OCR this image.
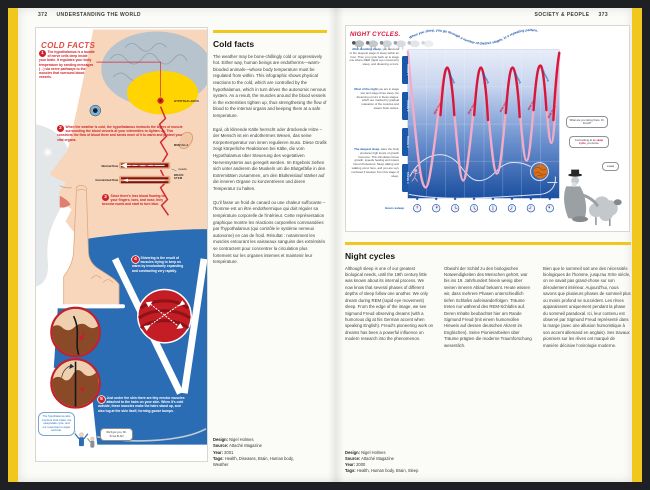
372 UNDERSTANDING THE WORLD	SOCIETY & PEOPLE 373
COLD FACTS
1	The hypothalamus is a bundle of nerve cells deep inside your brain. It regulates your body temperature by sending messages (→) via nerve pathways to the muscles that surround blood vessels.
HYPOTHALAMUS
2	When the weather is cold, the hypothalamus instructs the layers of muscle surrounding the blood vessels at your extremities to tighten up. This constricts the flow of blood there and sends more of it to warm and protect your vital organs.
MEDULLA
BRAIN STEM
Normal flow
Constricted flow
muscle
3	Since there's less blood flowing to your fingers, toes, and nose, they become numb and start to turn blue.
4	Shivering is the result of muscles trying to keep us warm by involuntarily expanding and contracting very rapidly.
5	Just under the skin there are tiny erector muscles attached to the hairs on your skin. When it's cold outside, these muscles make the hairs stand up, and also tug at the skin itself, forming goose bumps.
The hypothalamus also monitors food intake, the sleep/wake cycle, and our responses to anger and fear.
We'll get you, Mr. Snow B-All!
Cold facts

The weather may be bone-chillingly cold or oppressively hot. Either way, human beings are endotherms—warm-blooded animals—whose body temperature must be regulated from within. This infographic shows physical reactions to the cold, which are controlled by the hypothalamus, which in turn drives the autonomic nervous system. As a result, the muscles around the blood vessels in the extremities tighten up, thus strengthening the flow of blood to the internal organs and keeping them at a safe temperature.

Egal, ob klirrende Kälte herrscht oder drückende Hitze – der Mensch ist ein endothermes Wesen, das seine Körpertemperatur von innen regulieren muss. Diese Grafik zeigt körperliche Reaktionen bei Kälte, die vom Hypothalamus über Steuerung des vegetativen Nervensystems aus geregelt werden. Im Ergebnis ziehen sich unter anderem die Muskeln um die Blutgefäße in den Extremitäten zusammen, um den Blutkreislauf stärker auf die inneren Organe zu konzentrieren und deren Temperatur zu halten.

Qu'il fasse un froid de canard ou une chaleur suffocante – l'homme est un être endothermique qui doit réguler sa température corporelle de l'intérieur. Cette représentation graphique montre les réactions corporelles commandées par l'hypothalamus (qui contrôle le système nerveux autonome) en cas de froid. Résultat : notamment les muscles entourant les vaisseaux sanguins des extrémités se contractent pour concentrer la circulation plus fortement sur les organes internes et maintenir leur température.

Design: Nigel Holmes
Source: Attaché Magazine
Year: 2001
Tags: Health, Diseases, Brain, Human body, Weather
When you sleep, you go through a number of distinct stages, in a repeating pattern.
NIGHT CYCLES.
After counting sheep, you descend to the deepest stage of sleep within an hour. Then you cycle back up to stage one where REM (rapid eye movement) sleep, and dreaming occurs.
Most of the night you are in stage two and stage three sleep. No dreaming occurs in these stages, which are marked by gradual relaxation of the muscles and slower brain waves.
The deepest sleep. Here the body produces high levels of growth hormone. This stimulates tissue growth, speeds healing and lowers blood cholesterol. Sleep talking and walking occur here, and you are very confused if awoken from this stage of sleep.
STAGE 1
STAGE 2
STAGE 3
STAGE 4
REM sleep,
dreaming
REM sleep,
dreaming
REM sleep,
dreaming
REM sleep,
dreaming
REM sleep,
Hours asleep
What are you doing there, Dr. Freud?
Just looking at ze sleep cycle, you know.
maaa!
Night cycles

Although sleep is one of our greatest biological needs, until the 19th century little was known about its internal process. We now know that several phases of different depths of sleep follow one another. We only dream during REM (rapid eye movement) sleep. From the edge of the image, we see Sigmund Freud observing dreams (with a humorous dig at his German accent when speaking English). Freud's pioneering work on dreams has been a powerful influence on modern research into the phenomenon.

Obwohl der Schlaf zu den biologischen Notwendigkeiten des Menschen gehört, war bis ins 19. Jahrhundert hinein wenig über seinen inneren Ablauf bekannt. Heute wissen wir, dass mehrere Phasen unterschiedlich tiefen Schlafes aufeinanderfolgen. Träume treten nur während des REM-Schlafes auf. Deren Inhalte beobachtet hier am Rande Sigmund Freud (mit einem humorvollen Hinweis auf dessen deutschen Akzent im Englischen). Seine Pionierarbeiten über Träume prägten die moderne Traumforschung wesentlich.

Bien que le sommeil soit une des nécessités biologiques de l'homme, jusqu'au XIXe siècle, on ne savait pas grand-chose sur son déroulement intérieur. Aujourd'hui, nous savons que plusieurs phases de sommeil plus ou moins profond se succèdent. Les rêves apparaissent uniquement pendant la phase du sommeil paradoxal. Ici, leur contenu est observé par Sigmund Freud représenté dans la marge (avec une allusion humoristique à son accent allemand en anglais). Ses travaux pionniers sur les rêves ont marqué de manière décisive l'onirologie moderne.

Design: Nigel Holmes
Source: Attaché Magazine
Year: 2000
Tags: Health, Human body, Brain, Sleep
